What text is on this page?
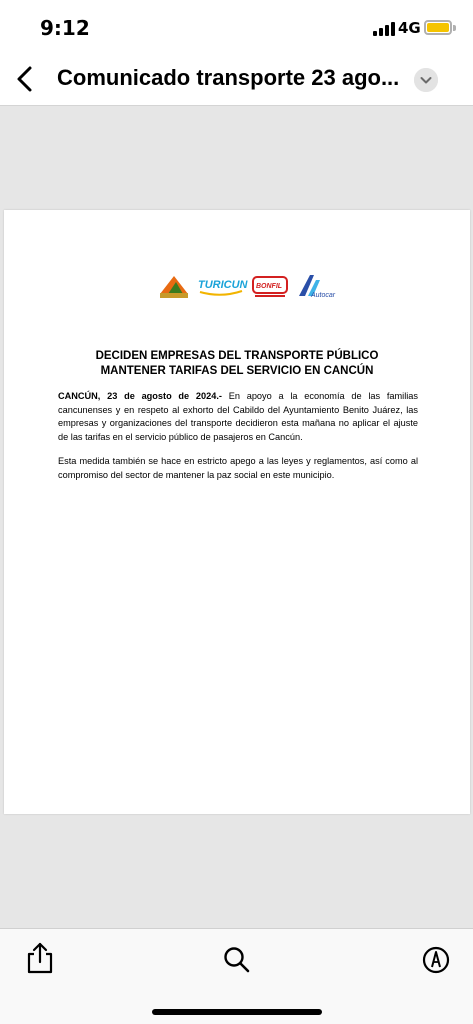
9:12	4G
Comunicado transporte 23 ago...
TURICUN BONFIL
Autocar
DECIDEN EMPRESAS DEL TRANSPORTE PÚBLICO
MANTENER TARIFAS DEL SERVICIO EN CANCÚN

CANCÚN, 23 de agosto de 2024.- En apoyo a la economía de las familias cancunenses y en respeto al exhorto del Cabildo del Ayuntamiento Benito Juárez, las empresas y organizaciones del transporte decidieron esta mañana no aplicar el ajuste de las tarifas en el servicio público de pasajeros en Cancún.

Esta medida también se hace en estricto apego a las leyes y reglamentos, así como al compromiso del sector de mantener la paz social en este municipio.
